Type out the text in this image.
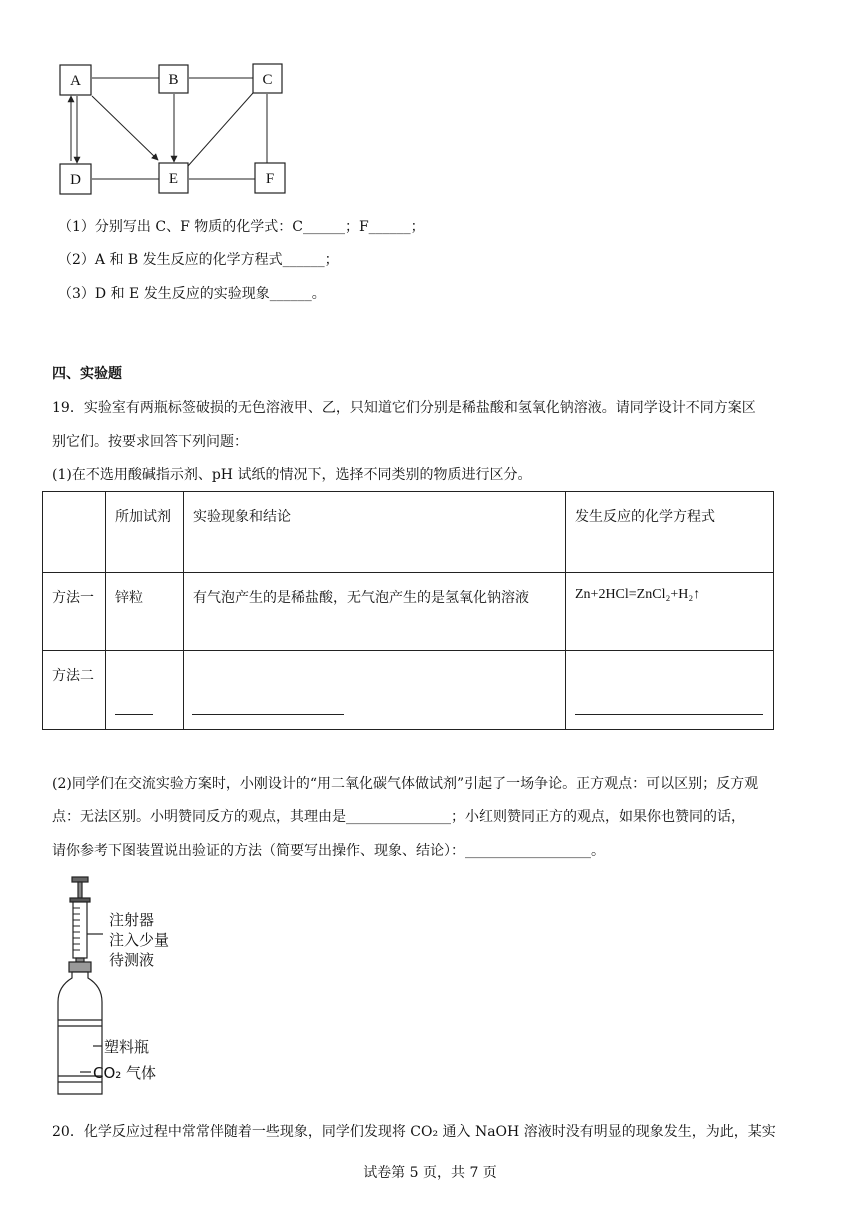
A	B	C
D	E	F
（1）分别写出 C、F 物质的化学式：C______；F______；
（2）A 和 B 发生反应的化学方程式______；
（3）D 和 E 发生反应的实验现象______。
四、实验题
19．实验室有两瓶标签破损的无色溶液甲、乙，只知道它们分别是稀盐酸和氢氧化钠溶液。请同学设计不同方案区
别它们。按要求回答下列问题：
(1)在不选用酸碱指示剂、pH 试纸的情况下，选择不同类别的物质进行区分。

	所加试剂	实验现象和结论	发生反应的化学方程式

方法一	锌粒	有气泡产生的是稀盐酸，无气泡产生的是氢氧化钠溶液	Zn+2HCl=ZnCl₂+H₂↑

方法二			

(2)同学们在交流实验方案时，小刚设计的“用二氧化碳气体做试剂”引起了一场争论。正方观点：可以区别；反方观
点：无法区别。小明赞同反方的观点，其理由是_______________；小红则赞同正方的观点，如果你也赞同的话，
请你参考下图装置说出验证的方法（简要写出操作、现象、结论）：__________________。
注射器
注入少量
待测液
塑料瓶
CO₂ 气体
20．化学反应过程中常常伴随着一些现象，同学们发现将 CO₂ 通入 NaOH 溶液时没有明显的现象发生，为此，某实
试卷第 5 页，共 7 页
